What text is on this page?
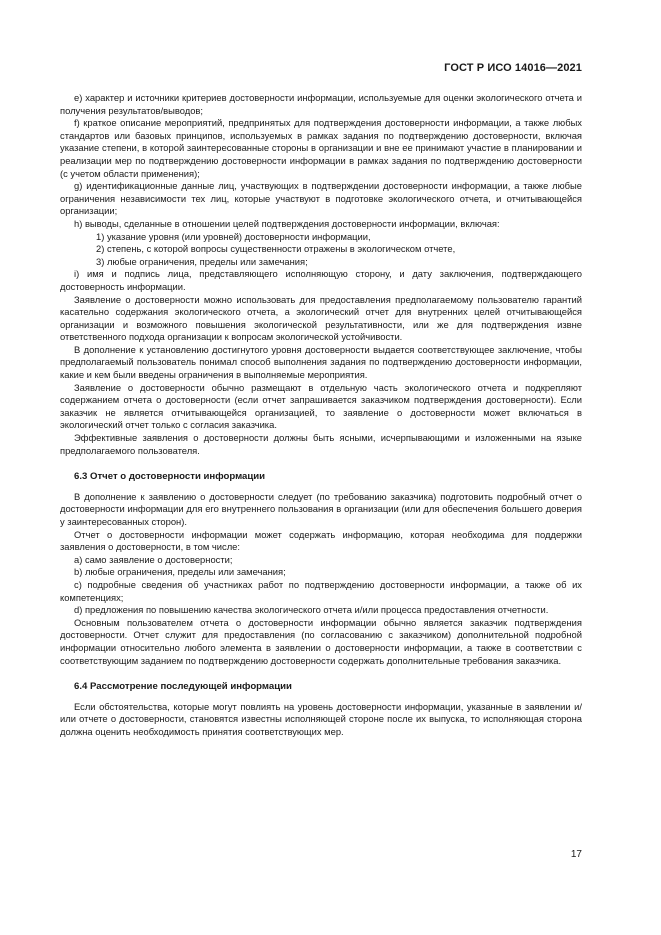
ГОСТ Р ИСО 14016—2021

e) характер и источники критериев достоверности информации, используемые для оценки экологического отчета и получения результатов/выводов;

f) краткое описание мероприятий, предпринятых для подтверждения достоверности информации, а также любых стандартов или базовых принципов, используемых в рамках задания по подтверждению достоверности, включая указание степени, в которой заинтересованные стороны в организации и вне ее принимают участие в планировании и реализации мер по подтверждению достоверности информации в рамках задания по подтверждению достоверности (с учетом области применения);

g) идентификационные данные лиц, участвующих в подтверждении достоверности информации, а также любые ограничения независимости тех лиц, которые участвуют в подготовке экологического отчета, и отчитывающейся организации;

h) выводы, сделанные в отношении целей подтверждения достоверности информации, включая:

1) указание уровня (или уровней) достоверности информации,

2) степень, с которой вопросы существенности отражены в экологическом отчете,

3) любые ограничения, пределы или замечания;

i) имя и подпись лица, представляющего исполняющую сторону, и дату заключения, подтверждающего достоверность информации.

Заявление о достоверности можно использовать для предоставления предполагаемому пользователю гарантий касательно содержания экологического отчета, а экологический отчет для внутренних целей отчитывающейся организации и возможного повышения экологической результативности, или же для подтверждения извне ответственного подхода организации к вопросам экологической устойчивости.

В дополнение к установлению достигнутого уровня достоверности выдается соответствующее заключение, чтобы предполагаемый пользователь понимал способ выполнения задания по подтверждению достоверности информации, какие и кем были введены ограничения в выполняемые мероприятия.

Заявление о достоверности обычно размещают в отдельную часть экологического отчета и подкрепляют содержанием отчета о достоверности (если отчет запрашивается заказчиком подтверждения достоверности). Если заказчик не является отчитывающейся организацией, то заявление о достоверности может включаться в экологический отчет только с согласия заказчика.

Эффективные заявления о достоверности должны быть ясными, исчерпывающими и изложенными на языке предполагаемого пользователя.

6.3 Отчет о достоверности информации

В дополнение к заявлению о достоверности следует (по требованию заказчика) подготовить подробный отчет о достоверности информации для его внутреннего пользования в организации (или для обеспечения большего доверия у заинтересованных сторон).

Отчет о достоверности информации может содержать информацию, которая необходима для поддержки заявления о достоверности, в том числе:

a) само заявление о достоверности;

b) любые ограничения, пределы или замечания;

c) подробные сведения об участниках работ по подтверждению достоверности информации, а также об их компетенциях;

d) предложения по повышению качества экологического отчета и/или процесса предоставления отчетности.

Основным пользователем отчета о достоверности информации обычно является заказчик подтверждения достоверности. Отчет служит для предоставления (по согласованию с заказчиком) дополнительной подробной информации относительно любого элемента в заявлении о достоверности информации, а также в соответствии с соответствующим заданием по подтверждению достоверности содержать дополнительные требования заказчика.

6.4 Рассмотрение последующей информации

Если обстоятельства, которые могут повлиять на уровень достоверности информации, указанные в заявлении и/или отчете о достоверности, становятся известны исполняющей стороне после их выпуска, то исполняющая сторона должна оценить необходимость принятия соответствующих мер.

17
